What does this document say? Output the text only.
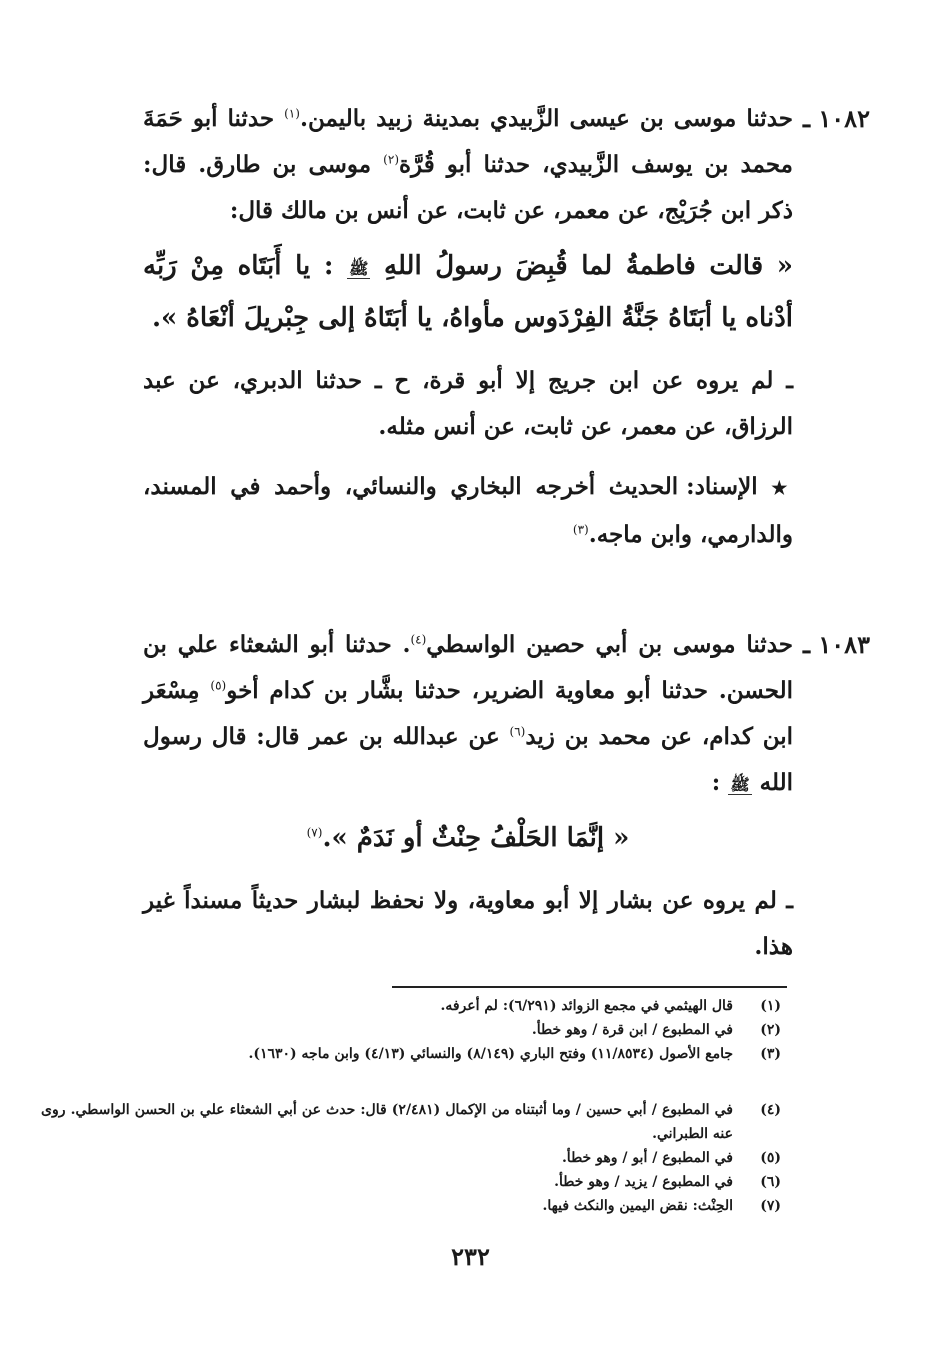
١٠٨٢ ـ

حدثنا موسى بن عيسى الزَّبيدي بمدينة زبيد باليمن.$^{(١)}$ حدثنا أبو حَمَةَ محمد بن يوسف الزَّبيدي، حدثنا أبو قُرَّة$^{(٢)}$ موسى بن طارق. قال: ذكر ابن جُرَيْج، عن معمر، عن ثابت، عن أنس بن مالك قال:

« قالت فاطمةُ لما قُبِضَ رسولُ اللهِ ﷺ : يا أَبَتَاه مِنْ رَبِّه أدْناه يا أبَتَاهُ جَنَّةُ الفِرْدَوس مأواهُ، يا أبَتَاهُ إلى جِبْريلَ أنْعَاهُ ».

ـ لم يروه عن ابن جريج إلا أبو قرة، ح ـ حدثنا الدبري، عن عبد الرزاق، عن معمر، عن ثابت، عن أنس مثله.

★ الإسناد: الحديث أخرجه البخاري والنسائي، وأحمد في المسند، والدارمي، وابن ماجه.$^{(٣)}$

١٠٨٣ ـ

حدثنا موسى بن أبي حصين الواسطي$^{(٤)}$. حدثنا أبو الشعثاء علي بن الحسن. حدثنا أبو معاوية الضرير، حدثنا بشَّار بن كدام أخو$^{(٥)}$ مِسْعَر ابن كدام، عن محمد بن زيد$^{(٦)}$ عن عبدالله بن عمر قال: قال رسول الله ﷺ :

« إنَّمَا الحَلْفُ حِنْثٌ أو نَدَمٌ ».$^{(٧)}$

ـ لم يروه عن بشار إلا أبو معاوية، ولا نحفظ لبشار حديثاً مسنداً غير هذا.

(١)
قال الهيثمي في مجمع الزوائد (٦/٢٩١): لم أعرفه.
(٢)
في المطبوع / ابن قرة / وهو خطأ.
(٣)
جامع الأصول (١١/٨٥٣٤) وفتح الباري (٨/١٤٩) والنسائي (٤/١٣) وابن ماجه (١٦٣٠).
(٤)
في المطبوع / أبي حسين / وما أثبتناه من الإكمال (٢/٤٨١) قال: حدث عن أبي الشعثاء علي بن الحسن الواسطي. روى عنه الطبراني.
(٥)
في المطبوع / أبو / وهو خطأ.
(٦)
في المطبوع / يزيد / وهو خطأ.
(٧)
الحِنْث: نقض اليمين والنكث فيها.
٢٣٢
